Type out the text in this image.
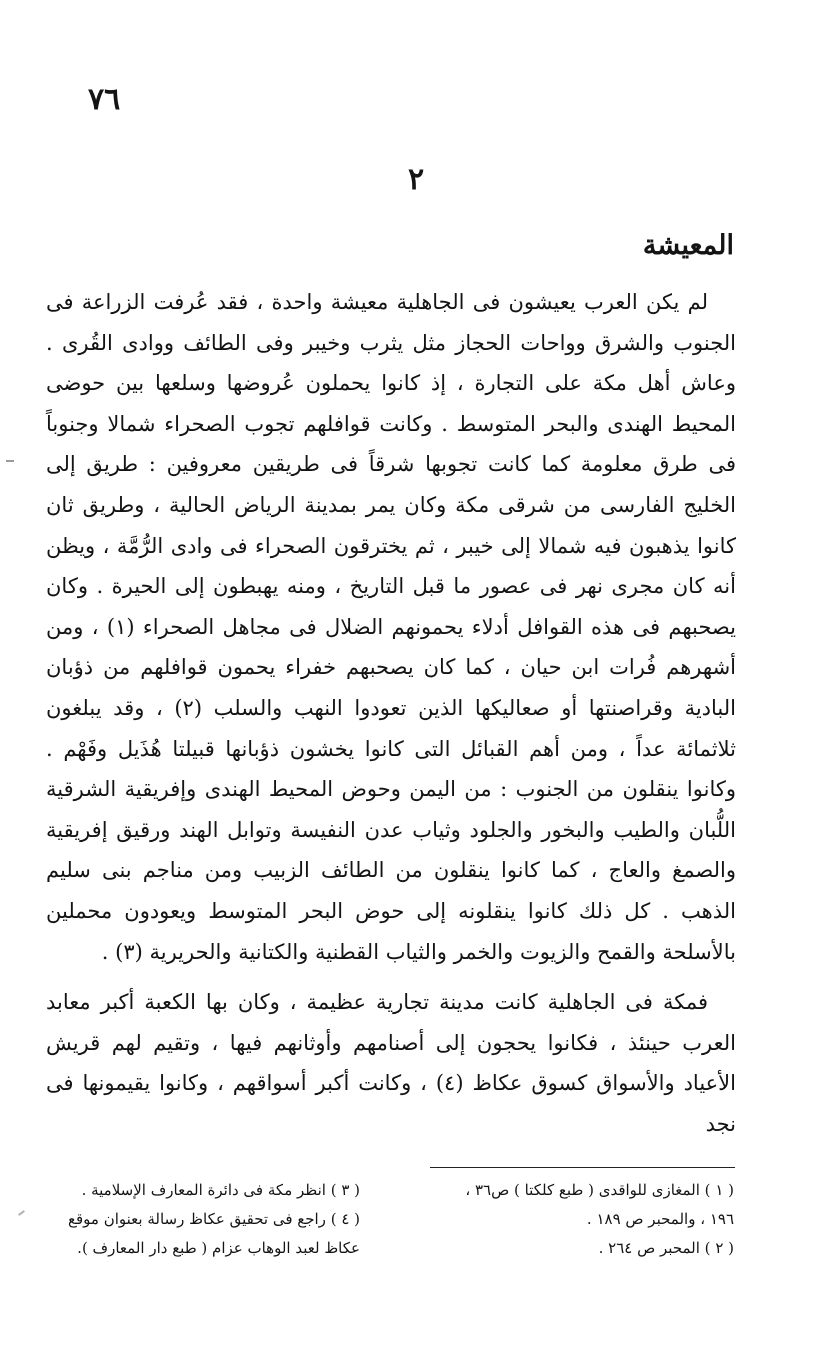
٧٦
٢
المعيشة

لم يكن العرب يعيشون فى الجاهلية معيشة واحدة ، فقد عُرفت الزراعة فى الجنوب والشرق وواحات الحجاز مثل يثرب وخيبر وفى الطائف ووادى القُرى . وعاش أهل مكة على التجارة ، إذ كانوا يحملون عُروضها وسلعها بين حوضى المحيط الهندى والبحر المتوسط . وكانت قوافلهم تجوب الصحراء شمالا وجنوباً فى طرق معلومة كما كانت تجوبها شرقاً فى طريقين معروفين : طريق إلى الخليج الفارسى من شرقى مكة وكان يمر بمدينة الرياض الحالية ، وطريق ثان كانوا يذهبون فيه شمالا إلى خيبر ، ثم يخترقون الصحراء فى وادى الرُّمَّة ، ويظن أنه كان مجرى نهر فى عصور ما قبل التاريخ ، ومنه يهبطون إلى الحيرة . وكان يصحبهم فى هذه القوافل أدلاء يحمونهم الضلال فى مجاهل الصحراء (١) ، ومن أشهرهم فُرات ابن حيان ، كما كان يصحبهم خفراء يحمون قوافلهم من ذؤبان البادية وقراصنتها أو صعاليكها الذين تعودوا النهب والسلب (٢) ، وقد يبلغون ثلاثمائة عداً ، ومن أهم القبائل التى كانوا يخشون ذؤبانها قبيلتا هُذَيل وفَهْم . وكانوا ينقلون من الجنوب : من اليمن وحوض المحيط الهندى وإفريقية الشرقية اللُّبان والطيب والبخور والجلود وثياب عدن النفيسة وتوابل الهند ورقيق إفريقية والصمغ والعاج ، كما كانوا ينقلون من الطائف الزبيب ومن مناجم بنى سليم الذهب . كل ذلك كانوا ينقلونه إلى حوض البحر المتوسط ويعودون محملين بالأسلحة والقمح والزيوت والخمر والثياب القطنية والكتانية والحريرية (٣) .

فمكة فى الجاهلية كانت مدينة تجارية عظيمة ، وكان بها الكعبة أكبر معابد العرب حينئذ ، فكانوا يحجون إلى أصنامهم وأوثانهم فيها ، وتقيم لهم قريش الأعياد والأسواق كسوق عكاظ (٤) ، وكانت أكبر أسواقهم ، وكانوا يقيمونها فى نجد

( ١ ) المغازى للواقدى ( طبع كلكتا ) ص٣٦ ،
١٩٦ ، والمحبر ص ١٨٩ .
( ٢ ) المحبر ص ٢٦٤ .
( ٣ ) انظر مكة فى دائرة المعارف الإسلامية .
( ٤ ) راجع فى تحقيق عكاظ رسالة بعنوان موقع
عكاظ لعبد الوهاب عزام ( طبع دار المعارف ).
